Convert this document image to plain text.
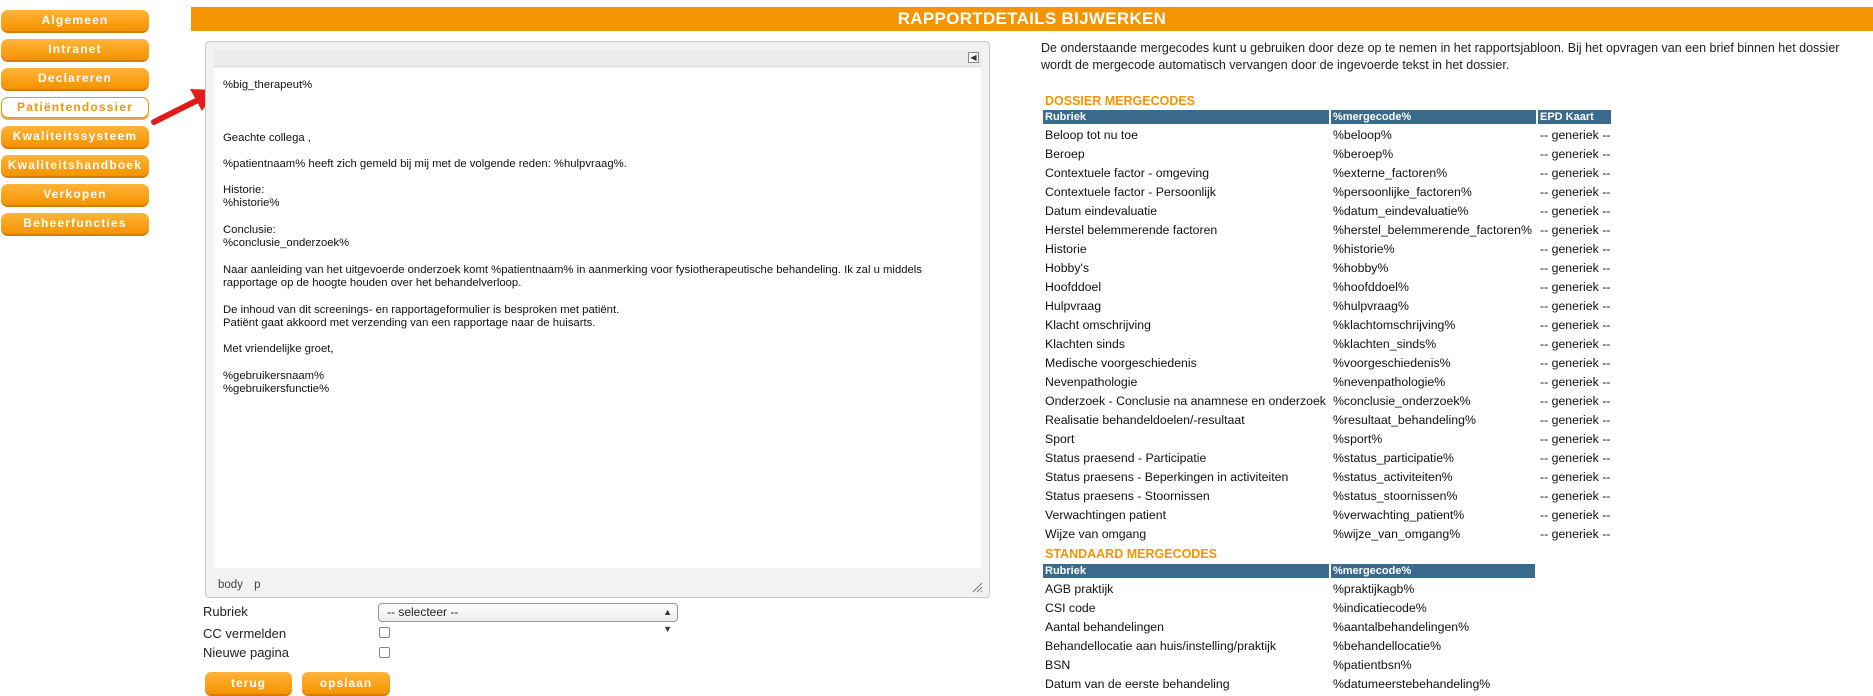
Algemeen
Intranet
Declareren
Patiëntendossier
Kwaliteitssysteem
Kwaliteitshandboek
Verkopen
Beheerfuncties
RAPPORTDETAILS BIJWERKEN
◀
%big_therapeut%
Geachte collega ,
%patientnaam% heeft zich gemeld bij mij met de volgende reden: %hulpvraag%.
Historie:
%historie%
Conclusie:
%conclusie_onderzoek%
Naar aanleiding van het uitgevoerde onderzoek komt %patientnaam% in aanmerking voor fysiotherapeutische behandeling. Ik zal u middels
rapportage op de hoogte houden over het behandelverloop.
De inhoud van dit screenings- en rapportageformulier is besproken met patiënt.
Patiënt gaat akkoord met verzending van een rapportage naar de huisarts.
Met vriendelijke groet,
%gebruikersnaam%
%gebruikersfunctie%
body p
Rubriek	-- selecteer --	▲
▼
CC vermelden
Nieuwe pagina
terug	opslaan
De onderstaande mergecodes kunt u gebruiken door deze op te nemen in het rapportsjabloon. Bij het opvragen van een brief binnen het dossier wordt de mergecode automatisch vervangen door de ingevoerde tekst in het dossier.
DOSSIER MERGECODES
Rubriek	%mergecode%	EPD Kaart
Beloop tot nu toe	%beloop%	-- generiek --
Beroep	%beroep%	-- generiek --
Contextuele factor - omgeving	%externe_factoren%	-- generiek --
Contextuele factor - Persoonlijk	%persoonlijke_factoren%	-- generiek --
Datum eindevaluatie	%datum_eindevaluatie%	-- generiek --
Herstel belemmerende factoren	%herstel_belemmerende_factoren% -- generiek --
Historie	%historie%	-- generiek --
Hobby's	%hobby%	-- generiek --
Hoofddoel	%hoofddoel%	-- generiek --
Hulpvraag	%hulpvraag%	-- generiek --
Klacht omschrijving	%klachtomschrijving%	-- generiek --
Klachten sinds	%klachten_sinds%	-- generiek --
Medische voorgeschiedenis	%voorgeschiedenis%	-- generiek --
Nevenpathologie	%nevenpathologie%	-- generiek --
Onderzoek - Conclusie na anamnese en onderzoek %conclusie_onderzoek%	-- generiek --
Realisatie behandeldoelen/-resultaat	%resultaat_behandeling%	-- generiek --
Sport	%sport%	-- generiek --
Status praesend - Participatie	%status_participatie%	-- generiek --
Status praesens - Beperkingen in activiteiten	%status_activiteiten%	-- generiek --
Status praesens - Stoornissen	%status_stoornissen%	-- generiek --
Verwachtingen patient	%verwachting_patient%	-- generiek --
Wijze van omgang	%wijze_van_omgang%	-- generiek --
STANDAARD MERGECODES
Rubriek	%mergecode%
AGB praktijk	%praktijkagb%
CSI code	%indicatiecode%
Aantal behandelingen	%aantalbehandelingen%
Behandellocatie aan huis/instelling/praktijk	%behandellocatie%
BSN	%patientbsn%
Datum van de eerste behandeling	%datumeerstebehandeling%
